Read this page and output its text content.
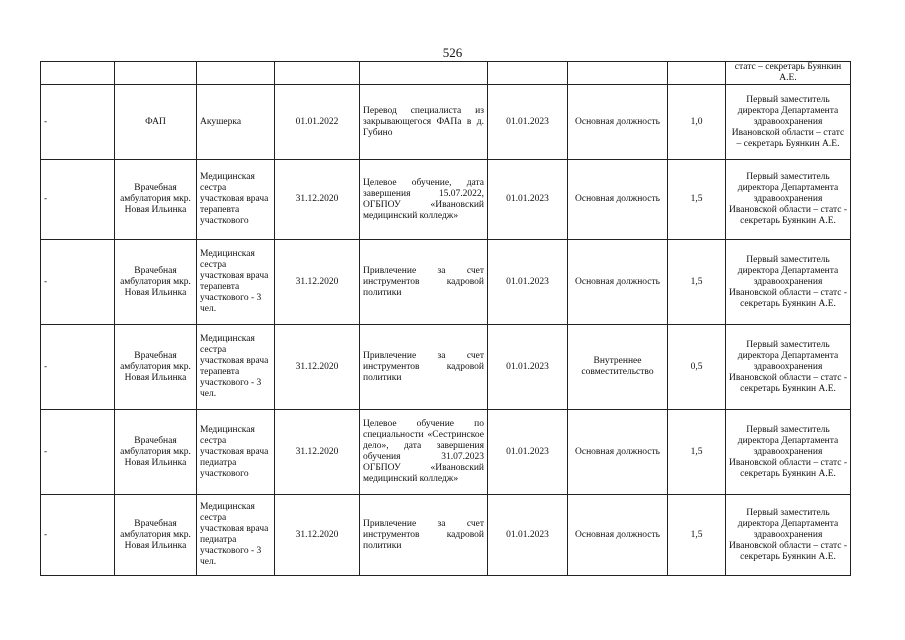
526
								статс – секретарь Буянкин А.Е.
-	ФАП	Акушерка	01.01.2022	Перевод специалиста из закрывающегося ФАПа в д. Губино	01.01.2023	Основная должность	1,0	Первый заместитель директора Департамента здравоохранения Ивановской области – статс – секретарь Буянкин А.Е.
-	Врачебная амбулатория мкр. Новая Ильинка	Медицинская сестра участковая врача терапевта участкового	31.12.2020	Целевое обучение, дата завершения 15.07.2022, ОГБПОУ «Ивановский медицинский колледж»	01.01.2023	Основная должность	1,5	Первый заместитель директора Департамента здравоохранения Ивановской области – статс - секретарь Буянкин А.Е.
-	Врачебная амбулатория мкр. Новая Ильинка	Медицинская сестра участковая врача терапевта участкового - 3 чел.	31.12.2020	Привлечение за счет инструментов кадровой политики	01.01.2023	Основная должность	1,5	Первый заместитель директора Департамента здравоохранения Ивановской области – статс - секретарь Буянкин А.Е.
-	Врачебная амбулатория мкр. Новая Ильинка	Медицинская сестра участковая врача терапевта участкового - 3 чел.	31.12.2020	Привлечение за счет инструментов кадровой политики	01.01.2023	Внутреннее совместительство	0,5	Первый заместитель директора Департамента здравоохранения Ивановской области – статс - секретарь Буянкин А.Е.
-	Врачебная амбулатория мкр. Новая Ильинка	Медицинская сестра участковая врача педиатра участкового	31.12.2020	Целевое обучение по специальности «Сестринское дело», дата завершения обучения 31.07.2023 ОГБПОУ «Ивановский медицинский колледж»	01.01.2023	Основная должность	1,5	Первый заместитель директора Департамента здравоохранения Ивановской области – статс - секретарь Буянкин А.Е.
-	Врачебная амбулатория мкр. Новая Ильинка	Медицинская сестра участковая врача педиатра участкового - 3 чел.	31.12.2020	Привлечение за счет инструментов кадровой политики	01.01.2023	Основная должность	1,5	Первый заместитель директора Департамента здравоохранения Ивановской области – статс - секретарь Буянкин А.Е.
